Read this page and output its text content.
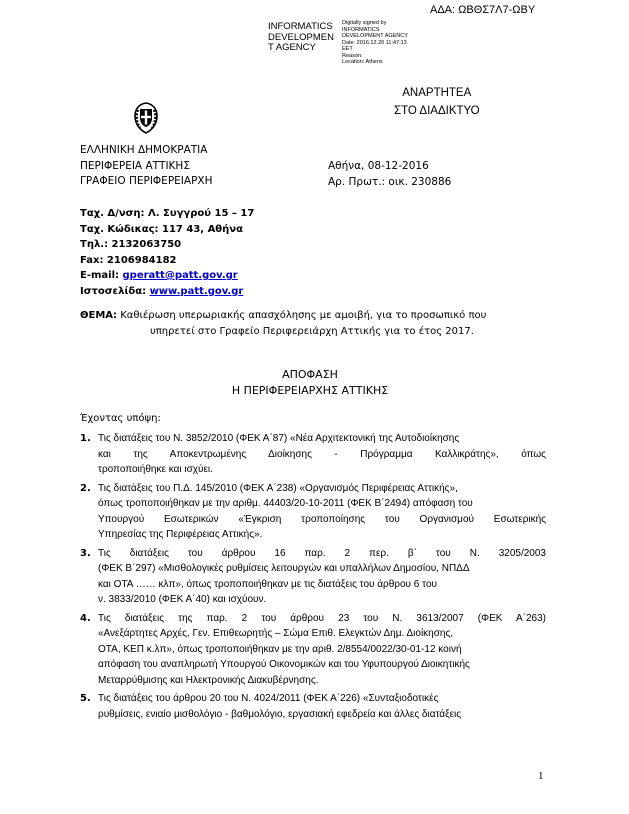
ΑΔΑ: ΩΒΘΣ7Λ7-ΩΒΥ
INFORMATICS
DEVELOPMEN
T AGENCY
Digitally signed by
INFORMATICS
DEVELOPMENT AGENCY
Date: 2016.12.20 11:47:13
EET
Reason:
Location: Athens
ΑΝΑΡΤΗΤΕΑ
ΣΤΟ ΔΙΑΔΙΚΤΥΟ
ΕΛΛΗΝΙΚΗ ΔΗΜΟΚΡΑΤΙΑ
ΠΕΡΙΦΕΡΕΙΑ ΑΤΤΙΚΗΣ
ΓΡΑΦΕΙΟ ΠΕΡΙΦΕΡΕΙΑΡΧΗ
Αθήνα, 08-12-2016
Αρ. Πρωτ.: οικ. 230886
Ταχ. Δ/νση: Λ. Συγγρού 15 – 17
Ταχ. Κώδικας: 117 43, Αθήνα
Τηλ.: 2132063750
Fax: 2106984182
E-mail: gperatt@patt.gov.gr
Ιστοσελίδα: www.patt.gov.gr
ΘΕΜΑ: Καθιέρωση υπερωριακής απασχόλησης με αμοιβή, για το προσωπικό που
υπηρετεί στο Γραφείο Περιφερειάρχη Αττικής για το έτος 2017.
ΑΠΟΦΑΣΗ
Η ΠΕΡΙΦΕΡΕΙΑΡΧΗΣ ΑΤΤΙΚΗΣ
Έχοντας υπόψη:
1. Τις διατάξεις του Ν. 3852/2010 (ΦΕΚ Α΄87) «Νέα Αρχιτεκτονική της Αυτοδιοίκησης
και της Αποκεντρωμένης Διοίκησης - Πρόγραμμα Καλλικράτης», όπως
τροποποιήθηκε και ισχύει.
2. Τις διατάξεις του Π.Δ. 145/2010 (ΦΕΚ Α΄238) «Οργανισμός Περιφέρειας Αττικής»,
όπως τροποποιήθηκαν με την αριθμ. 44403/20-10-2011 (ΦΕΚ Β΄2494) απόφαση του
Υπουργού Εσωτερικών «Έγκριση τροποποίησης του Οργανισμού Εσωτερικής
Υπηρεσίας της Περιφέρειας Αττικής».
3. Τις διατάξεις του άρθρου 16 παρ. 2 περ. β΄ του Ν. 3205/2003
(ΦΕΚ Β΄297) «Μισθολογικές ρυθμίσεις λειτουργών και υπαλλήλων Δημοσίου, ΝΠΔΔ
και ΟΤΑ …… κλπ», όπως τροποποιήθηκαν με τις διατάξεις του άρθρου 6 του
ν. 3833/2010 (ΦΕΚ Α΄40) και ισχύουν.
4. Τις διατάξεις της παρ. 2 του άρθρου 23 του Ν. 3613/2007 (ΦΕΚ Α΄263)
«Ανεξάρτητες Αρχές, Γεν. Επιθεωρητής – Σώμα Επιθ. Ελεγκτών Δημ. Διοίκησης,
ΟΤΑ, ΚΕΠ κ.λπ», όπως τροποποιήθηκαν με την αριθ. 2/8554/0022/30-01-12 κοινή
απόφαση του αναπληρωτή Υπουργού Οικονομικών και του Υφυπουργού Διοικητικής
Μεταρρύθμισης και Ηλεκτρονικής Διακυβέρνησης.
5. Τις διατάξεις του άρθρου 20 του Ν. 4024/2011 (ΦΕΚ Α΄226) «Συνταξιοδοτικές
ρυθμίσεις, ενιαίο μισθολόγιο - βαθμολόγιο, εργασιακή εφεδρεία και άλλες διατάξεις
1
